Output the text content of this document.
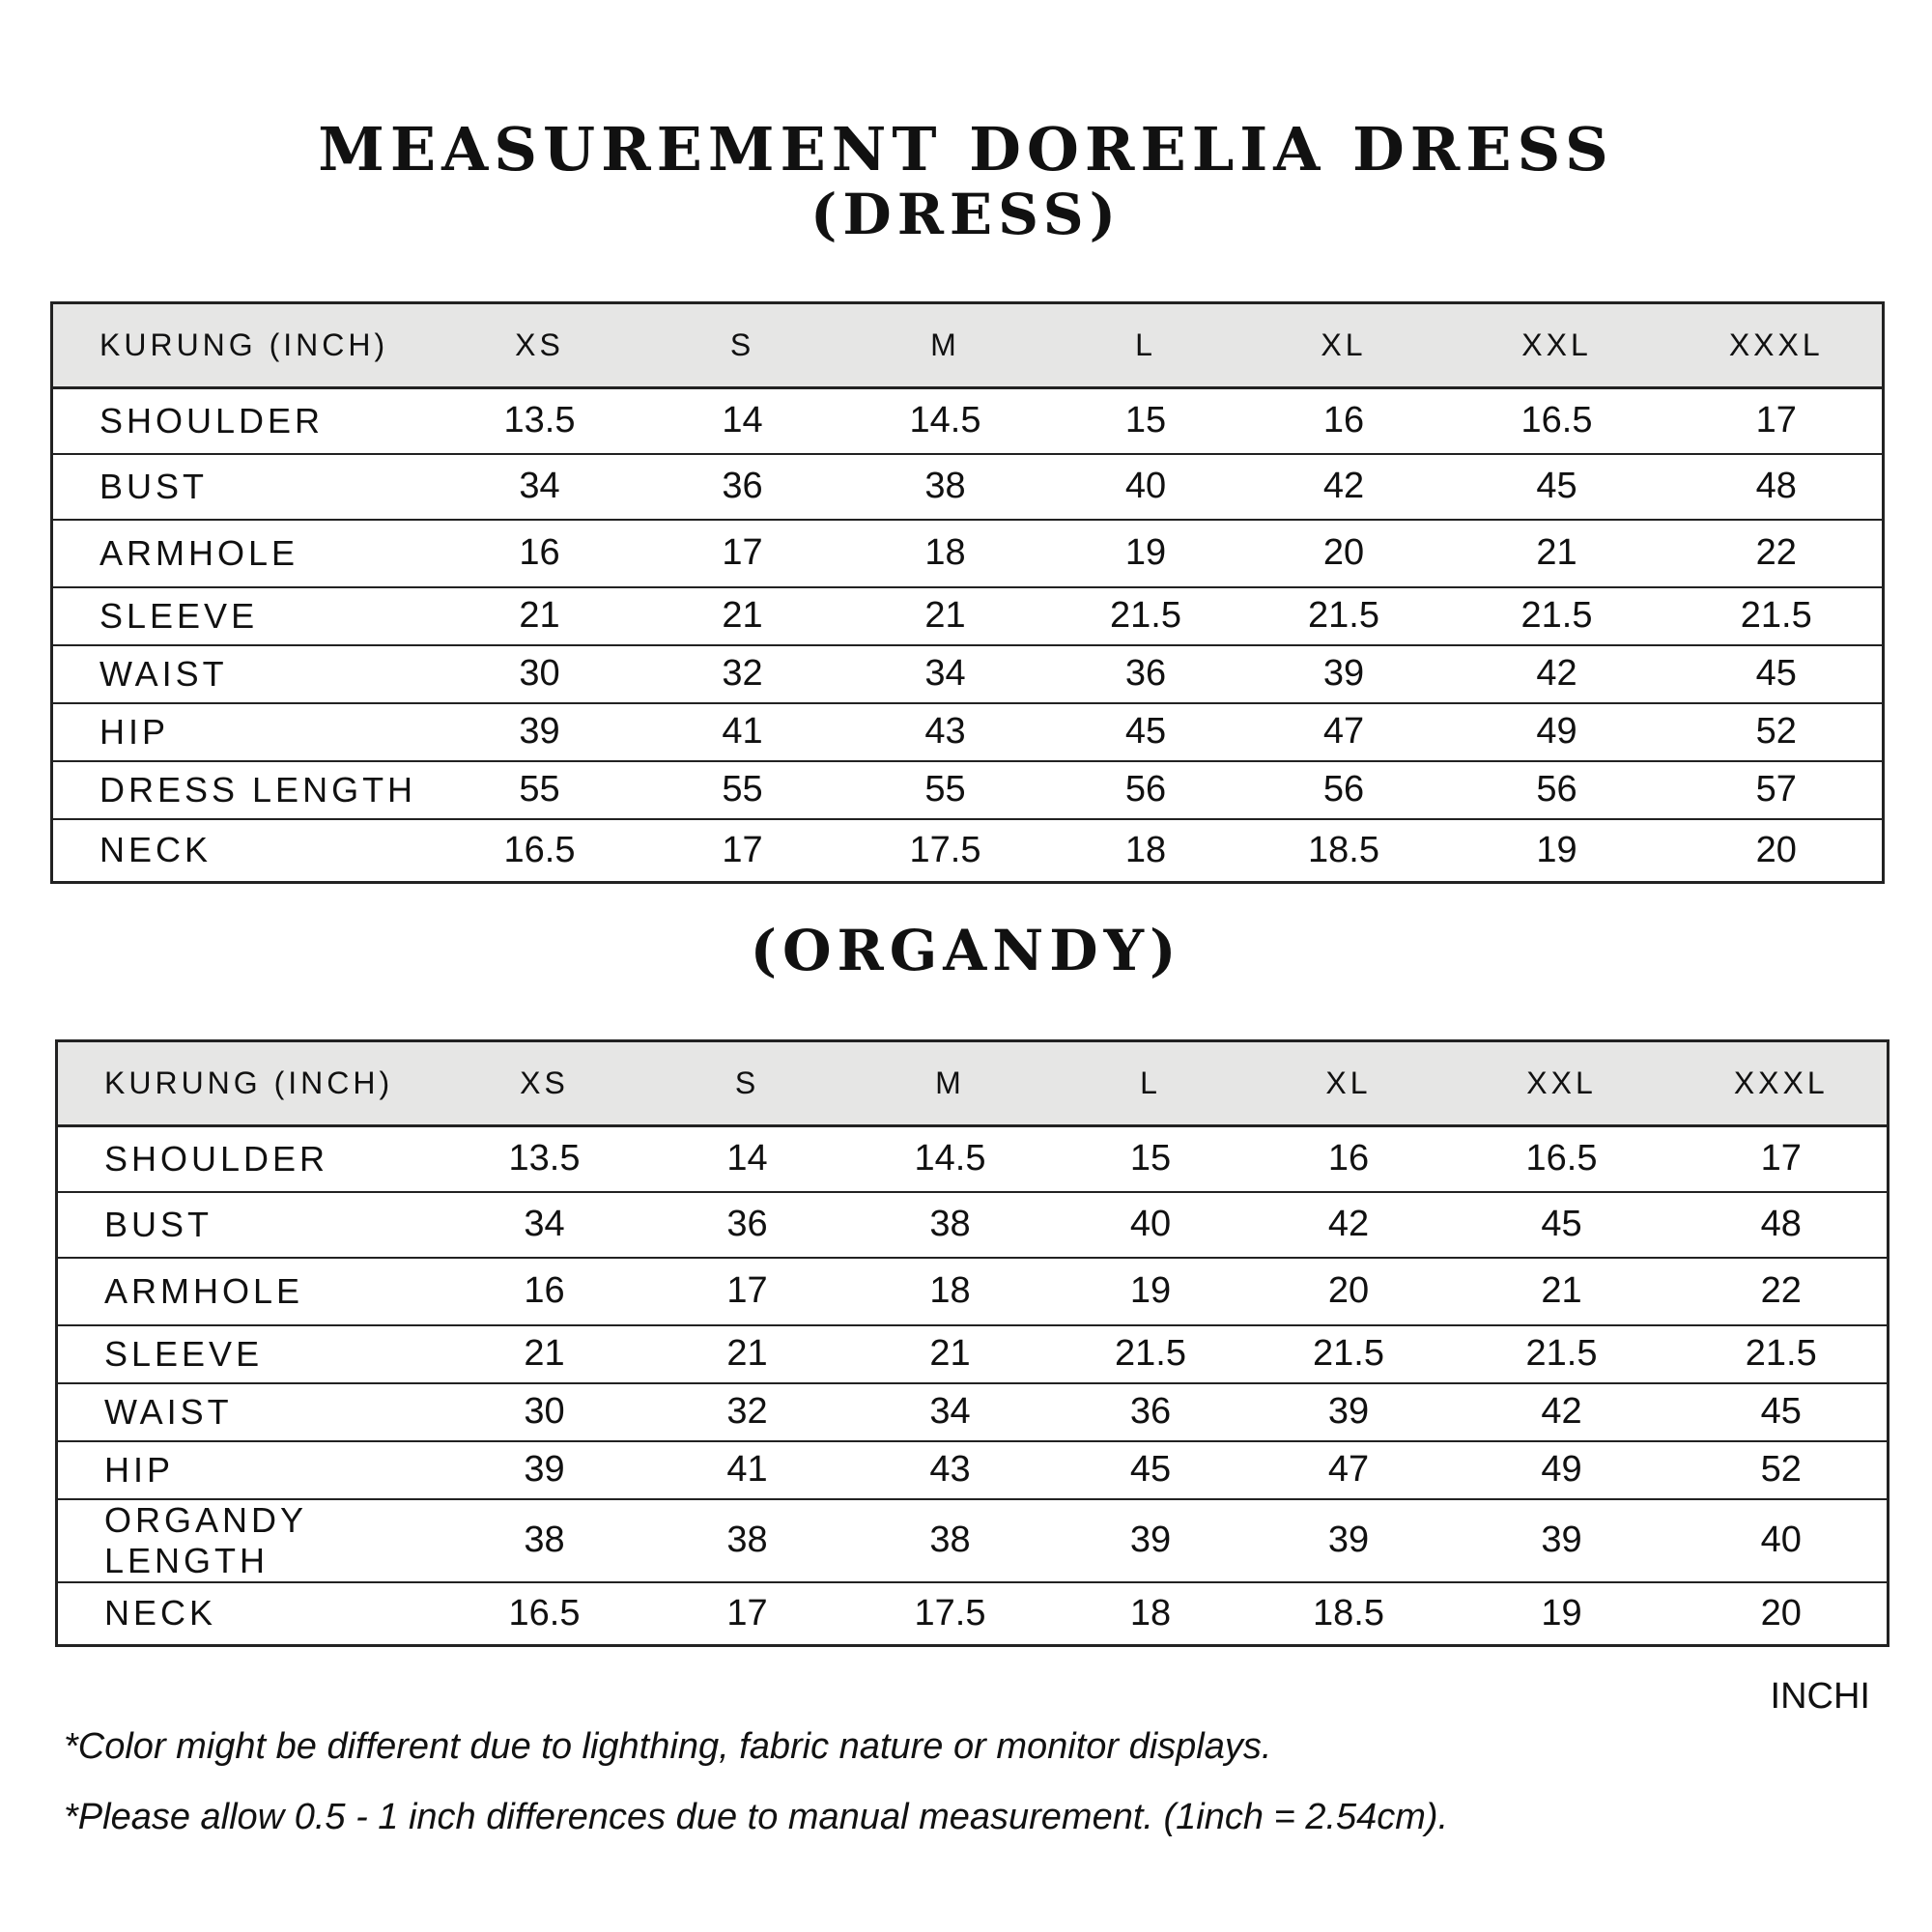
MEASUREMENT DORELIA DRESS
(DRESS)
KURUNG (INCH)	XS	S	M	L	XL	XXL	XXXL
SHOULDER	13.5	14	14.5	15	16	16.5	17
BUST	34	36	38	40	42	45	48
ARMHOLE	16	17	18	19	20	21	22
SLEEVE	21	21	21	21.5	21.5	21.5	21.5
WAIST	30	32	34	36	39	42	45
HIP	39	41	43	45	47	49	52
DRESS LENGTH	55	55	55	56	56	56	57
NECK	16.5	17	17.5	18	18.5	19	20
(ORGANDY)
KURUNG (INCH)	XS	S	M	L	XL	XXL	XXXL
SHOULDER	13.5	14	14.5	15	16	16.5	17
BUST	34	36	38	40	42	45	48
ARMHOLE	16	17	18	19	20	21	22
SLEEVE	21	21	21	21.5	21.5	21.5	21.5
WAIST	30	32	34	36	39	42	45
HIP	39	41	43	45	47	49	52
ORGANDY LENGTH	38	38	38	39	39	39	40
NECK	16.5	17	17.5	18	18.5	19	20
INCHI
*Color might be different due to lighthing, fabric nature or monitor displays.
*Please allow 0.5 - 1 inch differences due to manual measurement. (1inch = 2.54cm).
